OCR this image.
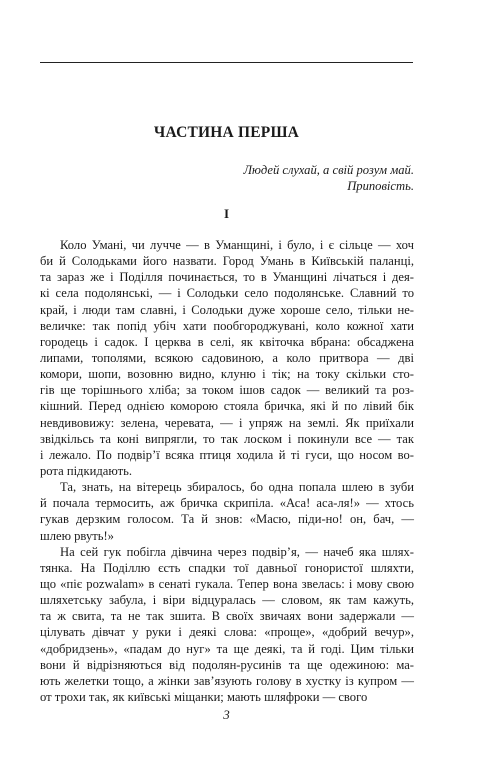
ЧАСТИНА ПЕРША
Людей слухай, а свій розум май.
Приповість.
I
Коло Умані, чи лучче — в Уманщині, і було, і є сільце — хоч
би й Солодьками його назвати. Город Умань в Київській паланці,
та зараз же і Поділля починається, то в Уманщині лічаться і дея-
кі села подолянські, — і Солодьки село подолянське. Славний то
край, і люди там славні, і Солодьки дуже хороше село, тільки не-
величке: так попід убіч хати пообгороджувані, коло кожної хати
городець і садок. І церква в селі, як квіточка вбрана: обсаджена
липами, тополями, всякою садовиною, а коло притвора — дві
комори, шопи, возовню видно, клуню і тік; на току скільки сто-
гів ще торішнього хліба; за током ішов садок — великий та роз-
кішний. Перед однією коморою стояла бричка, які й по лівий бік
невдивовижу: зелена, черевата, — і упряж на землі. Як приїхали
звідкільсь та коні випрягли, то так лоском і покинули все — так
і лежало. По подвір’ї всяка птиця ходила й ті гуси, що носом во-
рота підкидають.
Та, знать, на вітерець збиралось, бо одна попала шлею в зуби
й почала термосить, аж бричка скрипіла. «Аса! аса-ля!» — хтось
гукав дерзким голосом. Та й знов: «Масю, піди-но! он, бач, —
шлею рвуть!»
На сей гук побігла дівчина через подвір’я, — начеб яка шлях-
тянка. На Поділлю єсть спадки тої давньої гонористої шляхти,
що «піє pozwalam» в сенаті гукала. Тепер вона звелась: і мову свою
шляхетську забула, і віри відцуралась — словом, як там кажуть,
та ж свита, та не так зшита. В своїх звичаях вони задержали —
цілувать дівчат у руки і деякі слова: «проще», «добрий вечур»,
«добридзень», «падам до нуг» та ще деякі, та й годі. Цим тільки
вони й відрізняються від подолян-русинів та ще одежиною: ма-
ють желетки тощо, а жінки зав’язують голову в хустку із купром —
от трохи так, як київські міщанки; мають шляфроки — свого
3
